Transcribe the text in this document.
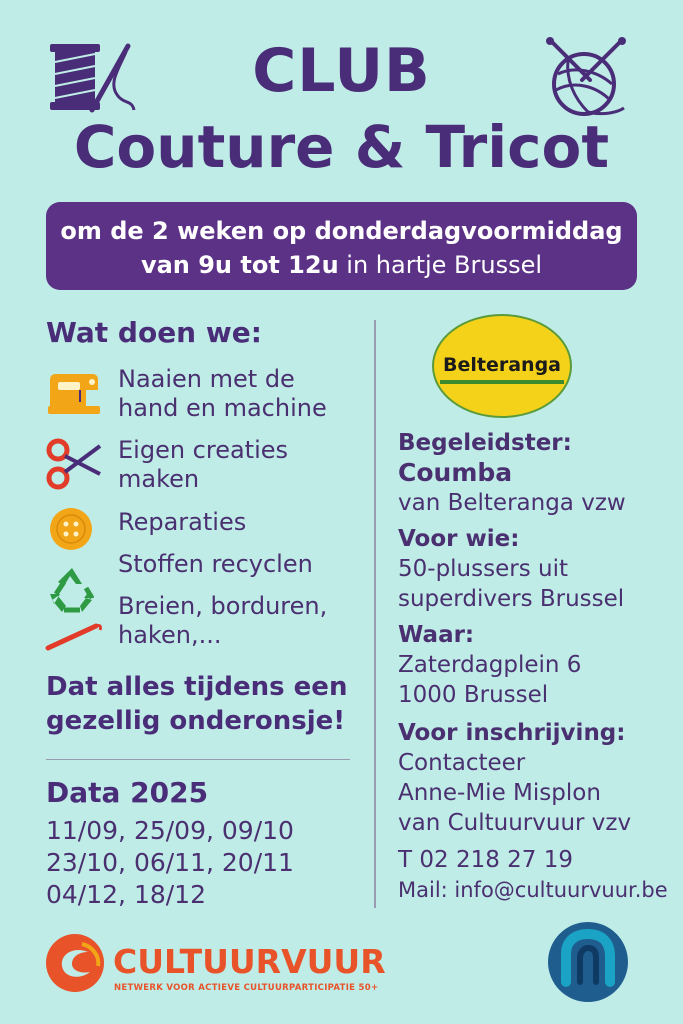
CLUB
Couture & Tricot
om de 2 weken op donderdagvoormiddag
van 9u tot 12u in hartje Brussel
Wat doen we:
Naaien met de
hand en machine
Eigen creaties
maken
Reparaties
Stoffen recyclen
Breien, borduren,
haken,...
Dat alles tijdens een
gezellig onderonsje!
Data 2025
11/09, 25/09, 09/10
23/10, 06/11, 20/11
04/12, 18/12
Belteranga
Begeleidster:
Coumba
van Belteranga vzw
Voor wie:
50-plussers uit
superdivers Brussel
Waar:
Zaterdagplein 6
1000 Brussel
Voor inschrijving:
Contacteer
Anne-Mie Misplon
van Cultuurvuur vzv
T 02 218 27 19
Mail: info@cultuurvuur.be
CULTUURVUUR
NETWERK VOOR ACTIEVE CULTUURPARTICIPATIE 50+
